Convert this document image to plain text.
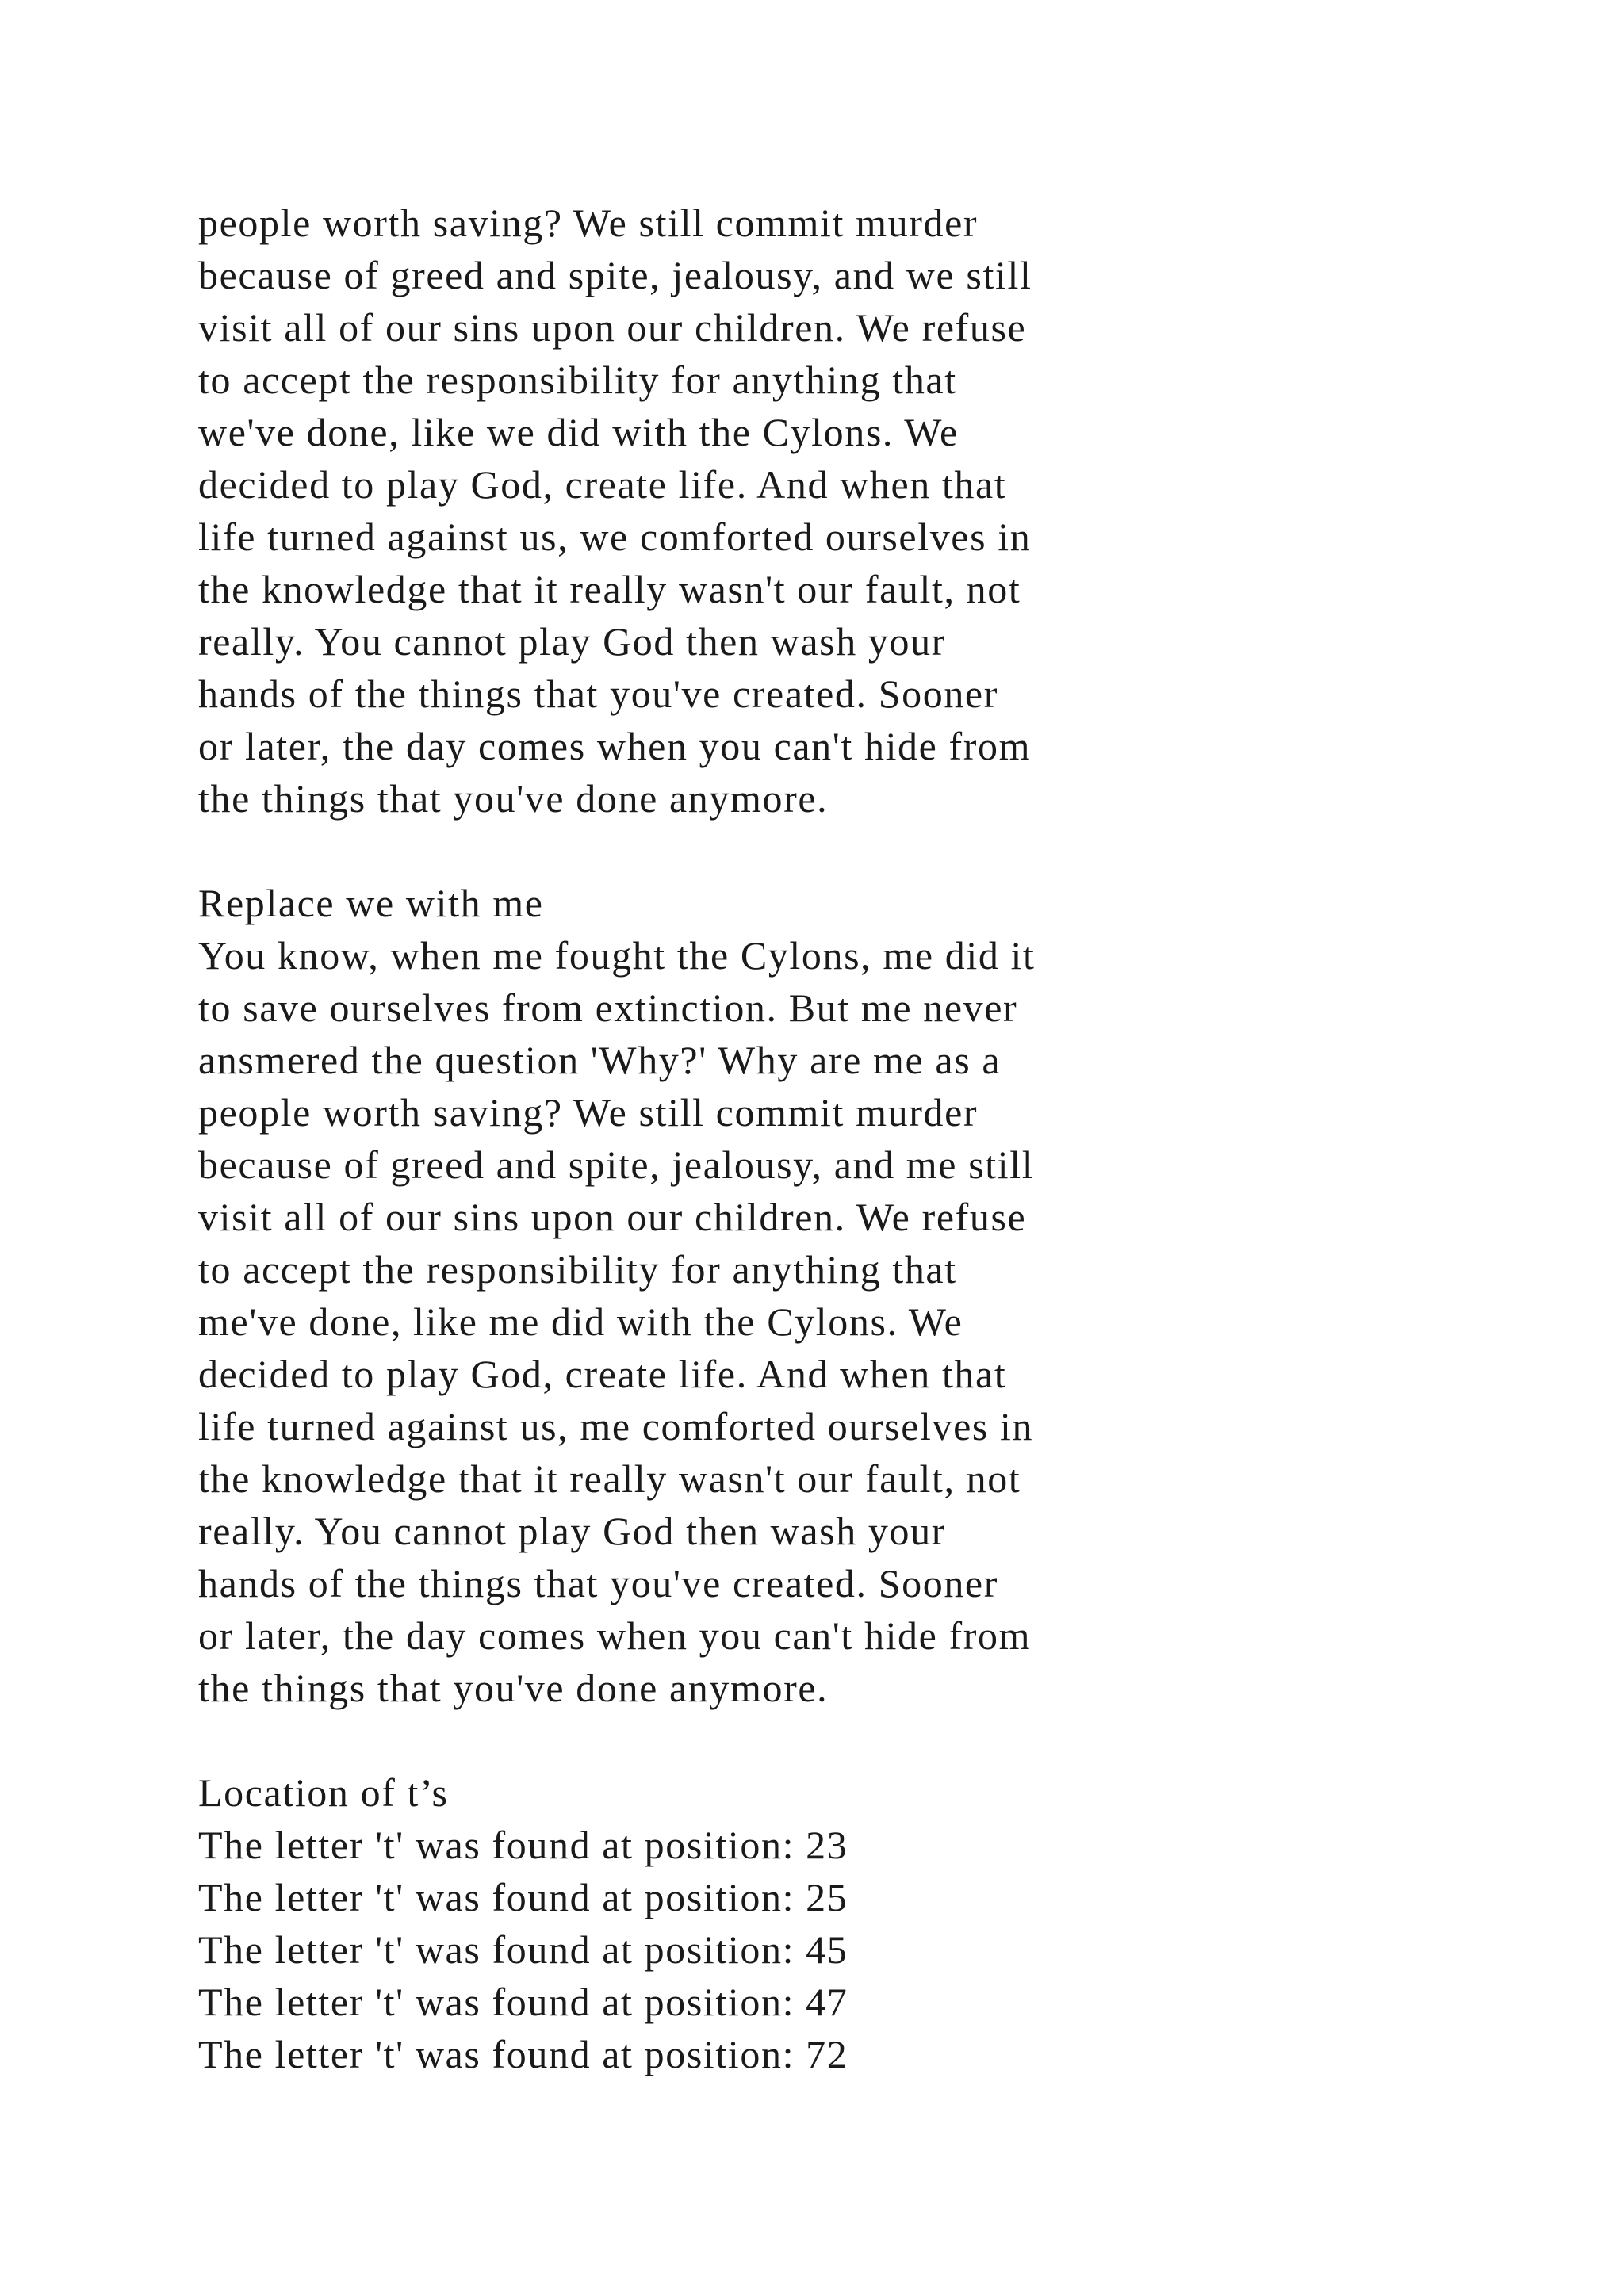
people worth saving? We still commit murder
because of greed and spite, jealousy, and we still
visit all of our sins upon our children. We refuse
to accept the responsibility for anything that
we've done, like we did with the Cylons. We
decided to play God, create life. And when that
life turned against us, we comforted ourselves in
the knowledge that it really wasn't our fault, not
really. You cannot play God then wash your
hands of the things that you've created. Sooner
or later, the day comes when you can't hide from
the things that you've done anymore.
Replace we with me
You know, when me fought the Cylons, me did it
to save ourselves from extinction. But me never
ansmered the question 'Why?' Why are me as a
people worth saving? We still commit murder
because of greed and spite, jealousy, and me still
visit all of our sins upon our children. We refuse
to accept the responsibility for anything that
me've done, like me did with the Cylons. We
decided to play God, create life. And when that
life turned against us, me comforted ourselves in
the knowledge that it really wasn't our fault, not
really. You cannot play God then wash your
hands of the things that you've created. Sooner
or later, the day comes when you can't hide from
the things that you've done anymore.
Location of t’s
The letter 't' was found at position: 23
The letter 't' was found at position: 25
The letter 't' was found at position: 45
The letter 't' was found at position: 47
The letter 't' was found at position: 72
